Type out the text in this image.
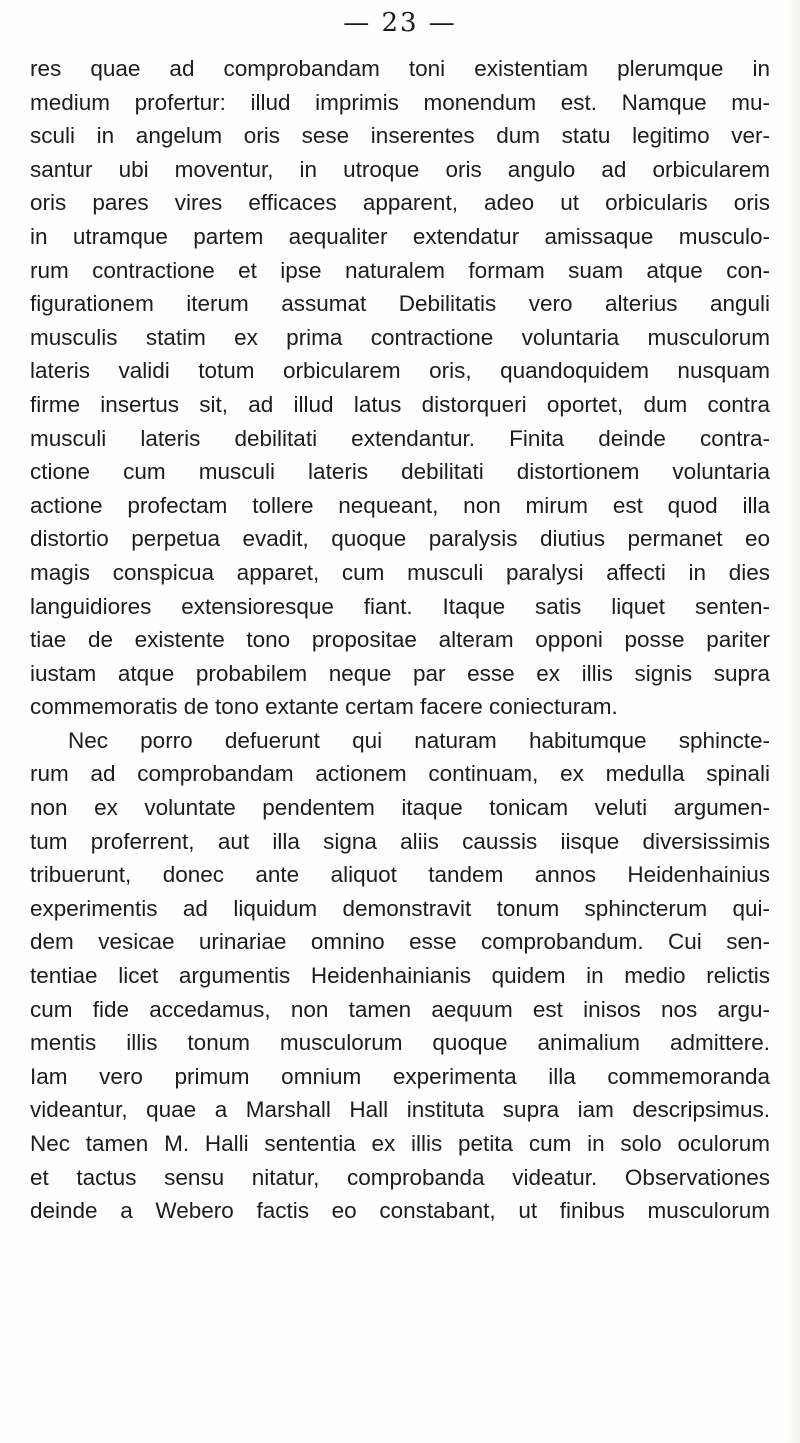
— 23 —
res quae ad comprobandam toni existentiam plerumque in
medium profertur: illud imprimis monendum est. Namque mu-
sculi in angelum oris sese inserentes dum statu legitimo ver-
santur ubi moventur, in utroque oris angulo ad orbicularem
oris pares vires efficaces apparent, adeo ut orbicularis oris
in utramque partem aequaliter extendatur amissaque musculo-
rum contractione et ipse naturalem formam suam atque con-
figurationem iterum assumat Debilitatis vero alterius anguli
musculis statim ex prima contractione voluntaria musculorum
lateris validi totum orbicularem oris, quandoquidem nusquam
firme insertus sit, ad illud latus distorqueri oportet, dum contra
musculi lateris debilitati extendantur. Finita deinde contra-
ctione cum musculi lateris debilitati distortionem voluntaria
actione profectam tollere nequeant, non mirum est quod illa
distortio perpetua evadit, quoque paralysis diutius permanet eo
magis conspicua apparet, cum musculi paralysi affecti in dies
languidiores extensioresque fiant. Itaque satis liquet senten-
tiae de existente tono propositae alteram opponi posse pariter
iustam atque probabilem neque par esse ex illis signis supra
commemoratis de tono extante certam facere coniecturam.
Nec porro defuerunt qui naturam habitumque sphincte-
rum ad comprobandam actionem continuam, ex medulla spinali
non ex voluntate pendentem itaque tonicam veluti argumen-
tum proferrent, aut illa signa aliis caussis iisque diversissimis
tribuerunt, donec ante aliquot tandem annos Heidenhainius
experimentis ad liquidum demonstravit tonum sphincterum qui-
dem vesicae urinariae omnino esse comprobandum. Cui sen-
tentiae licet argumentis Heidenhainianis quidem in medio relictis
cum fide accedamus, non tamen aequum est inisos nos argu-
mentis illis tonum musculorum quoque animalium admittere.
Iam vero primum omnium experimenta illa commemoranda
videantur, quae a Marshall Hall instituta supra iam descripsimus.
Nec tamen M. Halli sententia ex illis petita cum in solo oculorum
et tactus sensu nitatur, comprobanda videatur. Observationes
deinde a Webero factis eo constabant, ut finibus musculorum
